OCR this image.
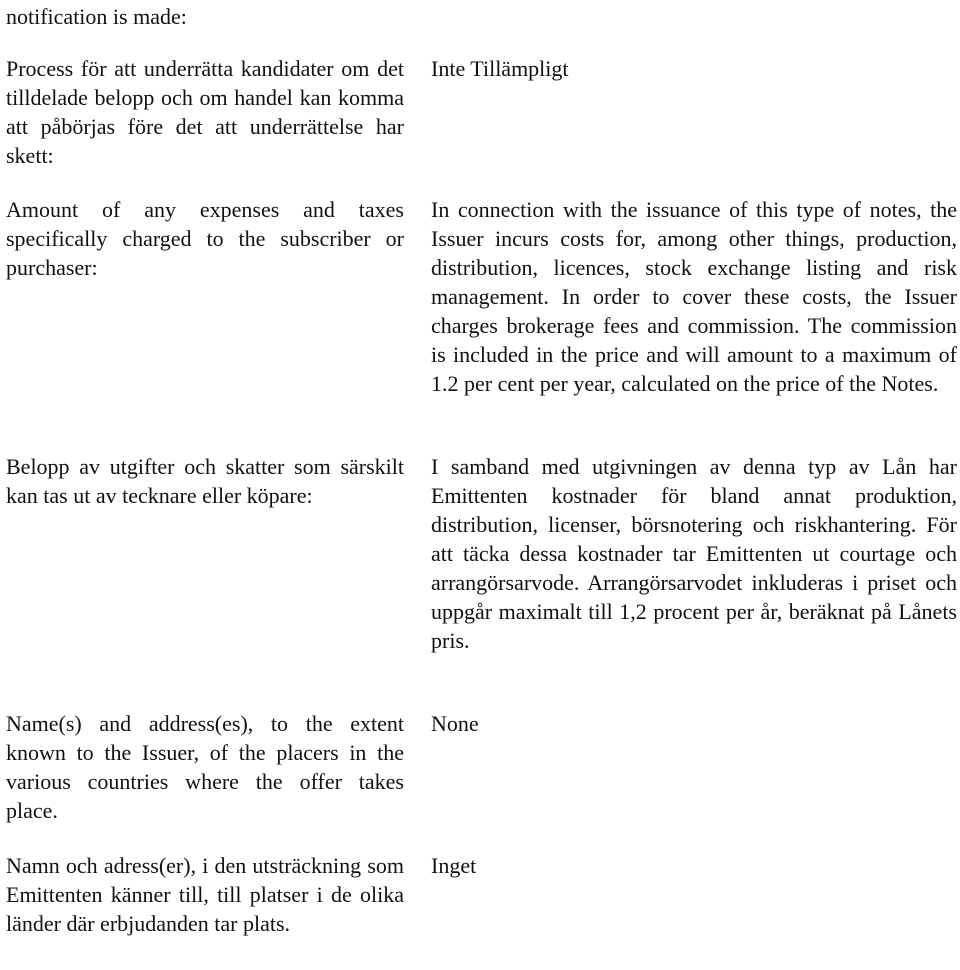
notification is made:

Process för att underrätta kandidater om det tilldelade belopp och om handel kan komma att påbörjas före det att underrättelse har skett:

Inte Tillämpligt

Amount of any expenses and taxes specifically charged to the subscriber or purchaser:

In connection with the issuance of this type of notes, the Issuer incurs costs for, among other things, production, distribution, licences, stock exchange listing and risk management. In order to cover these costs, the Issuer charges brokerage fees and commission. The commission is included in the price and will amount to a maximum of 1.2 per cent per year, calculated on the price of the Notes.

Belopp av utgifter och skatter som särskilt kan tas ut av tecknare eller köpare:

I samband med utgivningen av denna typ av Lån har Emittenten kostnader för bland annat produktion, distribution, licenser, börsnotering och riskhantering. För att täcka dessa kostnader tar Emittenten ut courtage och arrangörsarvode. Arrangörsarvodet inkluderas i priset och uppgår maximalt till 1,2 procent per år, beräknat på Lånets pris.

Name(s) and address(es), to the extent known to the Issuer, of the placers in the various countries where the offer takes place.

None

Namn och adress(er), i den utsträckning som Emittenten känner till, till platser i de olika länder där erbjudanden tar plats.

Inget
